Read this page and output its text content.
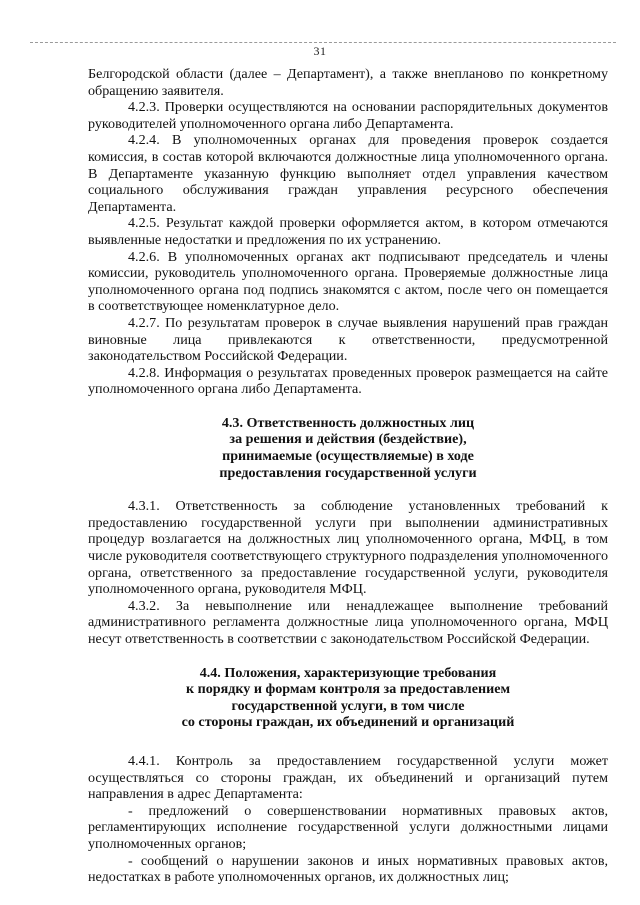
31

Белгородской области (далее – Департамент), а также внепланово по конкретному обращению заявителя.

4.2.3. Проверки осуществляются на основании распорядительных документов руководителей уполномоченного органа либо Департамента.

4.2.4. В уполномоченных органах для проведения проверок создается комиссия, в состав которой включаются должностные лица уполномоченного органа. В Департаменте указанную функцию выполняет отдел управления качеством социального обслуживания граждан управления ресурсного обеспечения Департамента.

4.2.5. Результат каждой проверки оформляется актом, в котором отмечаются выявленные недостатки и предложения по их устранению.

4.2.6. В уполномоченных органах акт подписывают председатель и члены комиссии, руководитель уполномоченного органа. Проверяемые должностные лица уполномоченного органа под подпись знакомятся с актом, после чего он помещается в соответствующее номенклатурное дело.

4.2.7. По результатам проверок в случае выявления нарушений прав граждан виновные лица привлекаются к ответственности, предусмотренной законодательством Российской Федерации.

4.2.8. Информация о результатах проведенных проверок размещается на сайте уполномоченного органа либо Департамента.

4.3. Ответственность должностных лиц
за решения и действия (бездействие),
принимаемые (осуществляемые) в ходе
предоставления государственной услуги

4.3.1. Ответственность за соблюдение установленных требований к предоставлению государственной услуги при выполнении административных процедур возлагается на должностных лиц уполномоченного органа, МФЦ, в том числе руководителя соответствующего структурного подразделения уполномоченного органа, ответственного за предоставление государственной услуги, руководителя уполномоченного органа, руководителя МФЦ.

4.3.2. За невыполнение или ненадлежащее выполнение требований административного регламента должностные лица уполномоченного органа, МФЦ несут ответственность в соответствии с законодательством Российской Федерации.

4.4. Положения, характеризующие требования
к порядку и формам контроля за предоставлением
государственной услуги, в том числе
со стороны граждан, их объединений и организаций

4.4.1. Контроль за предоставлением государственной услуги может осуществляться со стороны граждан, их объединений и организаций путем направления в адрес Департамента:

- предложений о совершенствовании нормативных правовых актов, регламентирующих исполнение государственной услуги должностными лицами уполномоченных органов;

- сообщений о нарушении законов и иных нормативных правовых актов, недостатках в работе уполномоченных органов, их должностных лиц;
